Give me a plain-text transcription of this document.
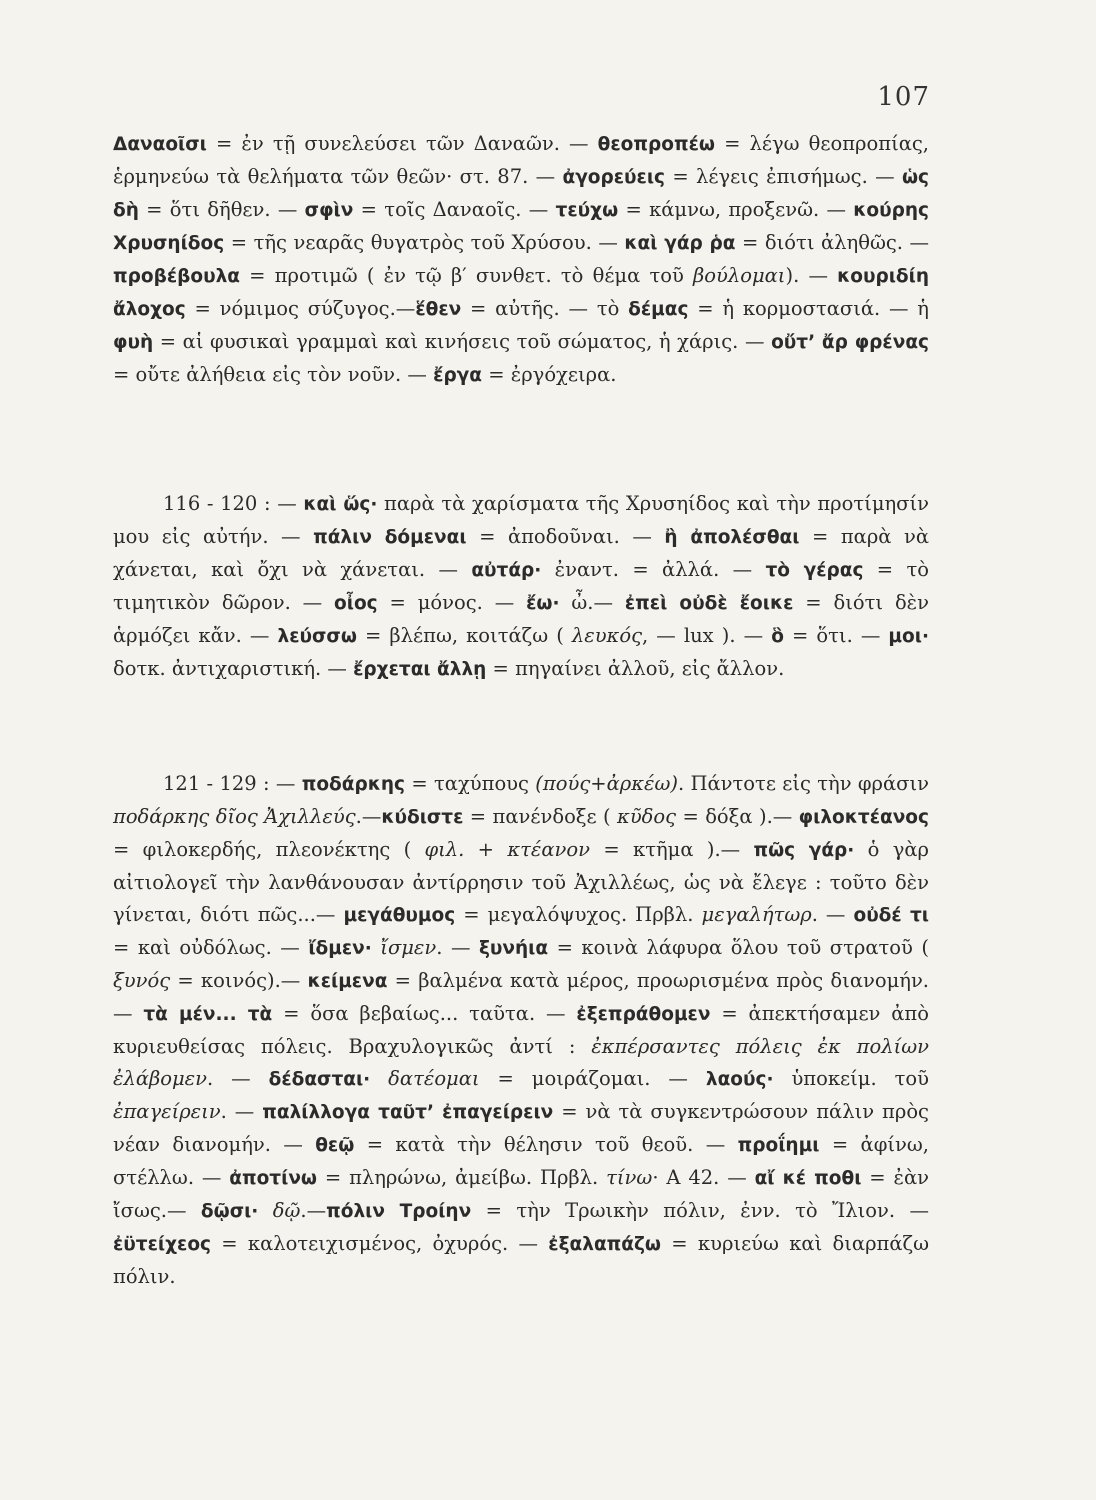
107

Δαναοῖσι = ἐν τῇ συνελεύσει τῶν Δαναῶν. — θεοπροπέω = λέγω θεοπροπίας, ἑρμηνεύω τὰ θελήματα τῶν θεῶν· στ. 87. — ἀγορεύεις = λέγεις ἐπισήμως. — ὡς δὴ = ὅτι δῆθεν. — σφὶν = τοῖς Δαναοῖς. — τεύχω = κάμνω, προξενῶ. — κούρης Χρυσηίδος = τῆς νεαρᾶς θυγατρὸς τοῦ Χρύσου. — καὶ γάρ ῥα = διότι ἀληθῶς. — προβέβουλα = προτιμῶ ( ἐν τῷ β′ συνθετ. τὸ θέμα τοῦ βούλομαι). — κουριδίη ἄλοχος = νόμιμος σύζυγος.—ἕθεν = αὐτῆς. — τὸ δέμας = ἡ κορμοστασιά. — ἡ φυὴ = αἱ φυσικαὶ γραμμαὶ καὶ κινήσεις τοῦ σώματος, ἡ χάρις. — οὔτ’ ἄρ φρένας = οὔτε ἀλήθεια εἰς τὸν νοῦν. — ἔργα = ἐργόχειρα.

116 - 120 : — καὶ ὥς· παρὰ τὰ χαρίσματα τῆς Χρυσηίδος καὶ τὴν προτίμησίν μου εἰς αὐτήν. — πάλιν δόμεναι = ἀποδοῦναι. — ἢ ἀπολέσθαι = παρὰ νὰ χάνεται, καὶ ὄχι νὰ χάνεται. — αὐτάρ· ἐναντ. = ἀλλά. — τὸ γέρας = τὸ τιμητικὸν δῶρον. — οἶος = μόνος. — ἔω· ὦ.— ἐπεὶ οὐδὲ ἔοικε = διότι δὲν ἁρμόζει κἄν. — λεύσσω = βλέπω, κοιτάζω ( λευκός, — lux ). — ὃ = ὅτι. — μοι· δοτκ. ἀντιχαριστική. — ἔρχεται ἄλλῃ = πηγαίνει ἀλλοῦ, εἰς ἄλλον.

121 - 129 : — ποδάρκης = ταχύπους (πούς+ἀρκέω). Πάντοτε εἰς τὴν φράσιν ποδάρκης δῖος Ἀχιλλεύς.—κύδιστε = πανένδοξε ( κῦδος = δόξα ).— φιλοκτέανος = φιλοκερδής, πλεονέκτης ( φιλ. + κτέανον = κτῆμα ).— πῶς γάρ· ὁ γὰρ αἰτιολογεῖ τὴν λανθάνουσαν ἀντίρρησιν τοῦ Ἀχιλλέως, ὡς νὰ ἔλεγε : τοῦτο δὲν γίνεται, διότι πῶς...— μεγάθυμος = μεγαλόψυχος. Πρβλ. μεγαλήτωρ. — οὐδέ τι = καὶ οὐδόλως. — ἴδμεν· ἴσμεν. — ξυνήια = κοινὰ λάφυρα ὅλου τοῦ στρατοῦ ( ξυνός = κοινός).— κείμενα = βαλμένα κατὰ μέρος, προωρισμένα πρὸς διανομήν. — τὰ μέν... τὰ = ὅσα βεβαίως... ταῦτα. — ἐξεπράθομεν = ἀπεκτήσαμεν ἀπὸ κυριευθείσας πόλεις. Βραχυλογικῶς ἀντί : ἐκπέρσαντες πόλεις ἐκ πολίων ἐλάβομεν. — δέδασται· δατέομαι = μοιράζομαι. — λαούς· ὑποκείμ. τοῦ ἐπαγείρειν. — παλίλλογα ταῦτ’ ἐπαγείρειν = νὰ τὰ συγκεντρώσουν πάλιν πρὸς νέαν διανομήν. — θεῷ = κατὰ τὴν θέλησιν τοῦ θεοῦ. — προΐημι = ἀφίνω, στέλλω. — ἀποτίνω = πληρώνω, ἀμείβω. Πρβλ. τίνω· Α 42. — αἴ κέ ποθι = ἐὰν ἴσως.— δῷσι· δῷ.—πόλιν Τροίην = τὴν Τρωικὴν πόλιν, ἐνν. τὸ Ἴλιον. — ἐϋτείχεος = καλοτειχισμένος, ὀχυρός. — ἐξαλαπάζω = κυριεύω καὶ διαρπάζω πόλιν.
